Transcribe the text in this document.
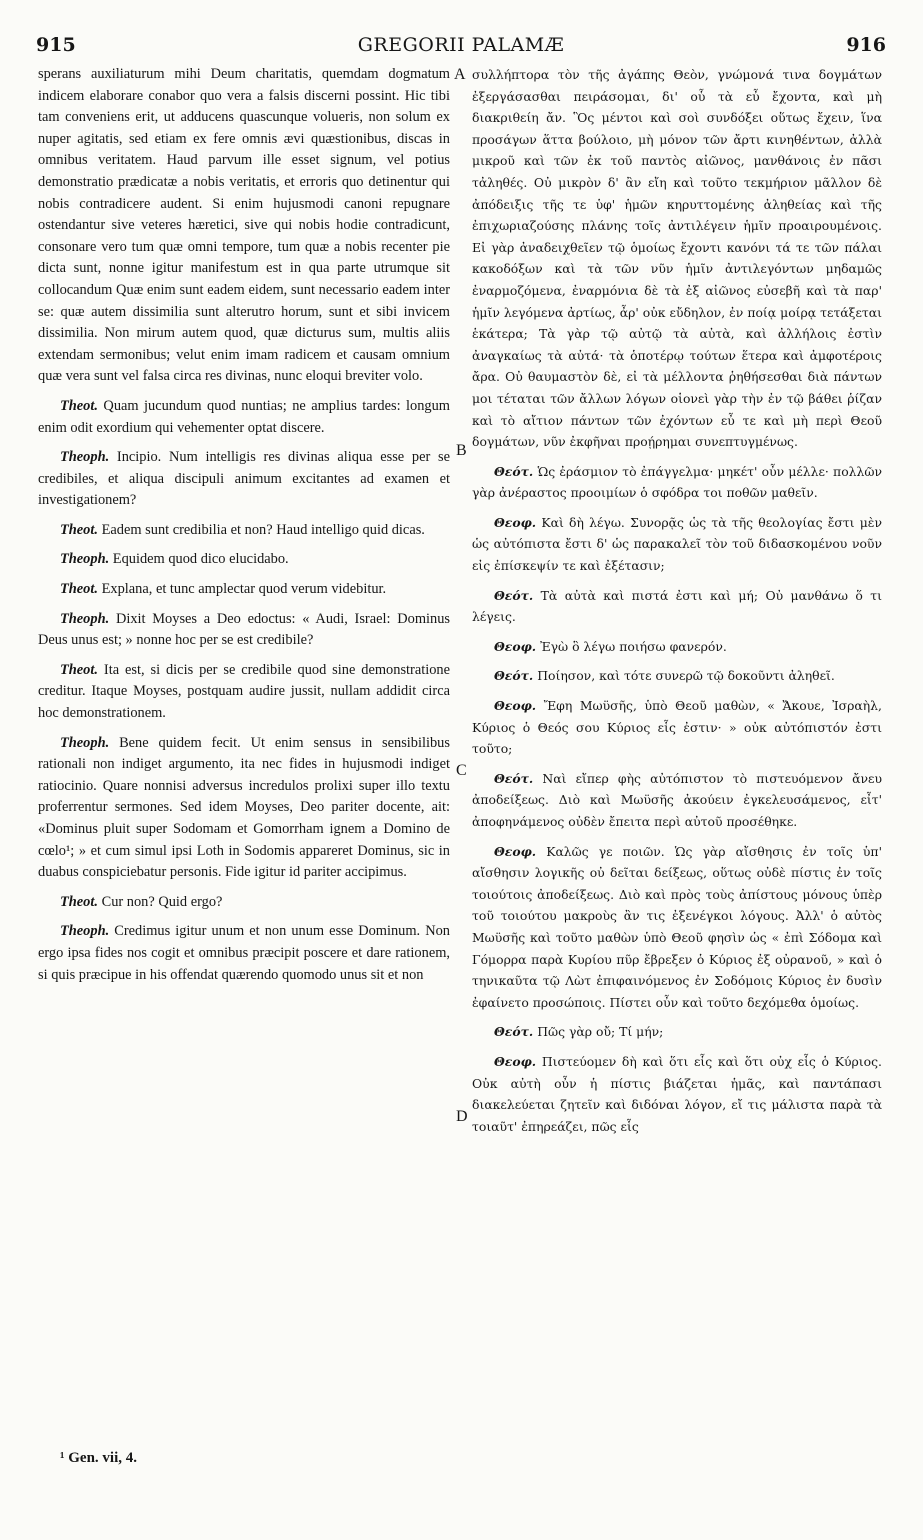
GREGORII PALAMÆ
915	916

sperans auxiliaturum mihi Deum charitatis, quemdam dogmatum indicem elaborare conabor quo vera a falsis discerni possint. Hic tibi tam conveniens erit, ut adducens quascunque volueris, non solum ex nuper agitatis, sed etiam ex fere omnis ævi quæstionibus, discas in omnibus veritatem. Haud parvum ille esset signum, vel potius demonstratio prædicatæ a nobis veritatis, et erroris quo detinentur qui nobis contradicere audent. Si enim hujusmodi canoni repugnare ostendantur sive veteres hæretici, sive qui nobis hodie contradicunt, consonare vero tum quæ omni tempore, tum quæ a nobis recenter pie dicta sunt, nonne igitur manifestum est in qua parte utrumque sit collocandum Quæ enim sunt eadem eidem, sunt necessario eadem inter se: quæ autem dissimilia sunt alterutro horum, sunt et sibi invicem dissimilia. Non mirum autem quod, quæ dicturus sum, multis aliis extendam sermonibus; velut enim imam radicem et causam omnium quæ vera sunt vel falsa circa res divinas, nunc eloqui breviter volo.

Theot. Quam jucundum quod nuntias; ne amplius tardes: longum enim odit exordium qui vehementer optat discere.

Theoph. Incipio. Num intelligis res divinas aliqua esse per se credibiles, et aliqua discipuli animum excitantes ad examen et investigationem?

Theot. Eadem sunt credibilia et non? Haud intelligo quid dicas.

Theoph. Equidem quod dico elucidabo.

Theot. Explana, et tunc amplectar quod verum videbitur.

Theoph. Dixit Moyses a Deo edoctus: « Audi, Israel: Dominus Deus unus est; » nonne hoc per se est credibile?

Theot. Ita est, si dicis per se credibile quod sine demonstratione creditur. Itaque Moyses, postquam audire jussit, nullam addidit circa hoc demonstrationem.

Theoph. Bene quidem fecit. Ut enim sensus in sensibilibus rationali non indiget argumento, ita nec fides in hujusmodi indiget ratiocinio. Quare nonnisi adversus incredulos prolixi super illo textu proferrentur sermones. Sed idem Moyses, Deo pariter docente, ait: «Dominus pluit super Sodomam et Gomorrham ignem a Domino de cœlo¹; » et cum simul ipsi Loth in Sodomis appareret Dominus, sic in duabus conspiciebatur personis. Fide igitur id pariter accipimus.

Theot. Cur non? Quid ergo?

Theoph. Credimus igitur unum et non unum esse Dominum. Non ergo ipsa fides nos cogit et omnibus præcipit poscere et dare rationem, si quis præcipue in his offendat quærendo quomodo unus sit et non

συλλήπτορα τὸν τῆς ἀγάπης Θεὸν, γνώμονά τινα δογμάτων ἐξεργάσασθαι πειράσομαι, δι' οὗ τὰ εὖ ἔχοντα, καὶ μὴ διακριθείη ἄν. Ὃς μέντοι καὶ σοὶ συνδόξει οὕτως ἔχειν, ἵνα προσάγων ἅττα βούλοιο, μὴ μόνον τῶν ἄρτι κινηθέντων, ἀλλὰ μικροῦ καὶ τῶν ἐκ τοῦ παντὸς αἰῶνος, μανθάνοις ἐν πᾶσι τἀληθές. Οὐ μικρὸν δ' ἂν εἴη καὶ τοῦτο τεκμήριον μᾶλλον δὲ ἀπόδειξις τῆς τε ὑφ' ἡμῶν κηρυττομένης ἀληθείας καὶ τῆς ἐπιχωριαζούσης πλάνης τοῖς ἀντιλέγειν ἡμῖν προαιρουμένοις. Εἰ γὰρ ἀναδειχθεῖεν τῷ ὁμοίως ἔχοντι κανόνι τά τε τῶν πάλαι κακοδόξων καὶ τὰ τῶν νῦν ἡμῖν ἀντιλεγόντων μηδαμῶς ἐναρμοζόμενα, ἐναρμόνια δὲ τὰ ἐξ αἰῶνος εὐσεβῆ καὶ τὰ παρ' ἡμῖν λεγόμενα ἀρτίως, ἆρ' οὐκ εὔδηλον, ἐν ποίᾳ μοίρᾳ τετάξεται ἑκάτερα; Τὰ γὰρ τῷ αὐτῷ τὰ αὐτὰ, καὶ ἀλλήλοις ἐστὶν ἀναγκαίως τὰ αὐτά· τὰ ὁποτέρῳ τούτων ἕτερα καὶ ἀμφοτέροις ἄρα. Οὐ θαυμαστὸν δὲ, εἰ τὰ μέλλοντα ῥηθήσεσθαι διὰ πάντων μοι τέταται τῶν ἄλλων λόγων οἱονεὶ γὰρ τὴν ἐν τῷ βάθει ῥίζαν καὶ τὸ αἴτιον πάντων τῶν ἐχόντων εὖ τε καὶ μὴ περὶ Θεοῦ δογμάτων, νῦν ἐκφῆναι προῄρημαι συνεπτυγμένως.

Θεότ. Ὡς ἐράσμιον τὸ ἐπάγγελμα· μηκέτ' οὖν μέλλε· πολλῶν γὰρ ἀνέραστος προοιμίων ὁ σφόδρα τοι ποθῶν μαθεῖν.

Θεοφ. Καὶ δὴ λέγω. Συνορᾷς ὡς τὰ τῆς θεολογίας ἔστι μὲν ὡς αὐτόπιστα ἔστι δ' ὡς παρακαλεῖ τὸν τοῦ διδασκομένου νοῦν εἰς ἐπίσκεψίν τε καὶ ἐξέτασιν;

Θεότ. Τὰ αὐτὰ καὶ πιστά ἐστι καὶ μή; Οὐ μανθάνω ὅ τι λέγεις.

Θεοφ. Ἐγὼ ὃ λέγω ποιήσω φανερόν.

Θεότ. Ποίησον, καὶ τότε συνερῶ τῷ δοκοῦντι ἀληθεῖ.

Θεοφ. Ἔφη Μωϋσῆς, ὑπὸ Θεοῦ μαθὼν, « Ἄκουε, Ἰσραὴλ, Κύριος ὁ Θεός σου Κύριος εἷς ἐστιν· » οὐκ αὐτόπιστόν ἐστι τοῦτο;

Θεότ. Ναὶ εἴπερ φὴς αὐτόπιστον τὸ πιστευόμενον ἄνευ ἀποδείξεως. Διὸ καὶ Μωϋσῆς ἀκούειν ἐγκελευσάμενος, εἶτ' ἀποφηνάμενος οὐδὲν ἔπειτα περὶ αὐτοῦ προσέθηκε.

Θεοφ. Καλῶς γε ποιῶν. Ὡς γὰρ αἴσθησις ἐν τοῖς ὑπ' αἴσθησιν λογικῆς οὐ δεῖται δείξεως, οὕτως οὐδὲ πίστις ἐν τοῖς τοιούτοις ἀποδείξεως. Διὸ καὶ πρὸς τοὺς ἀπίστους μόνους ὑπὲρ τοῦ τοιούτου μακροὺς ἂν τις ἐξενέγκοι λόγους. Ἀλλ' ὁ αὐτὸς Μωϋσῆς καὶ τοῦτο μαθὼν ὑπὸ Θεοῦ φησὶν ὡς « ἐπὶ Σόδομα καὶ Γόμορρα παρὰ Κυρίου πῦρ ἔβρεξεν ὁ Κύριος ἐξ οὐρανοῦ, » καὶ ὁ τηνικαῦτα τῷ Λὼτ ἐπιφαινόμενος ἐν Σοδόμοις Κύριος ἐν δυσὶν ἐφαίνετο προσώποις. Πίστει οὖν καὶ τοῦτο δεχόμεθα ὁμοίως.

Θεότ. Πῶς γὰρ οὔ; Τί μήν;

Θεοφ. Πιστεύομεν δὴ καὶ ὅτι εἷς καὶ ὅτι οὐχ εἷς ὁ Κύριος. Οὐκ αὐτὴ οὖν ἡ πίστις βιάζεται ἡμᾶς, καὶ παντάπασι διακελεύεται ζητεῖν καὶ διδόναι λόγον, εἴ τις μάλιστα παρὰ τὰ τοιαῦτ' ἐπηρεάζει, πῶς εἷς

A
B
C
D
¹ Gen. vii, 4.
